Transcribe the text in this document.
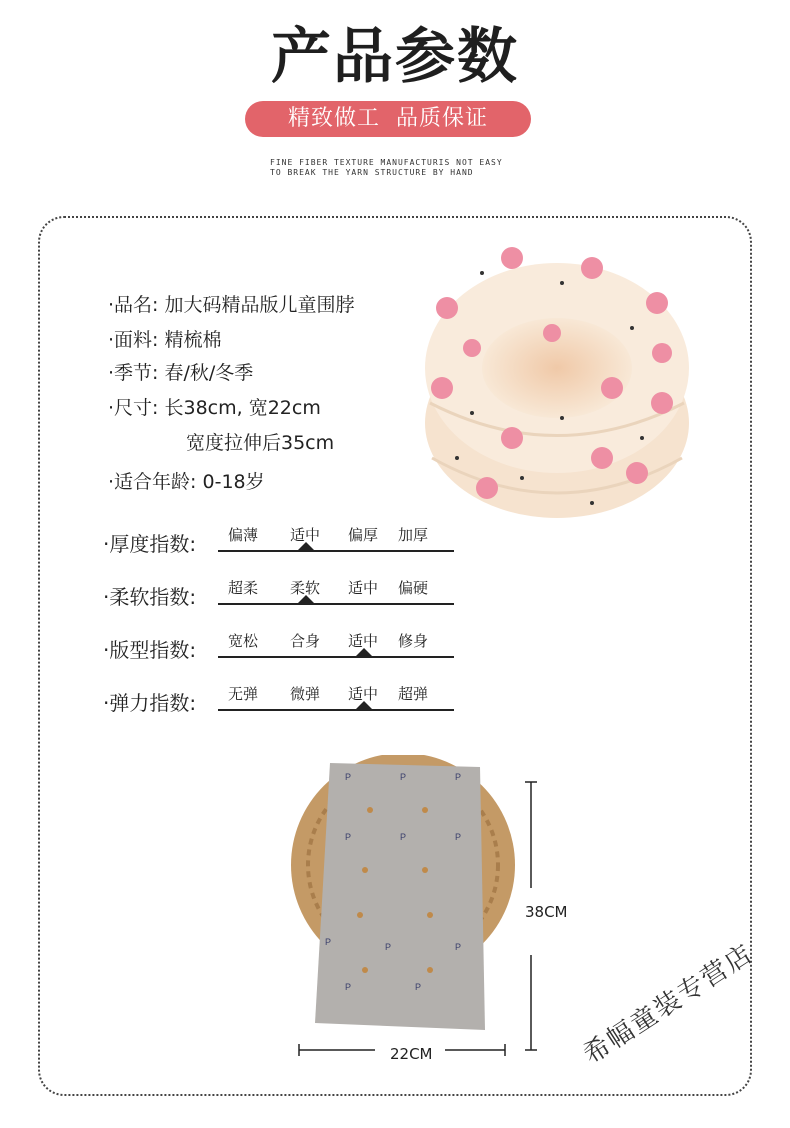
产品参数
精致做工  品质保证
FINE FIBER TEXTURE MANUFACTURIS NOT EASY
TO BREAK THE YARN STRUCTURE BY HAND
· 品名: 加大码精品版儿童围脖
· 面料: 精梳棉
· 季节: 春/秋/冬季
· 尺寸: 长38cm, 宽22cm
宽度拉伸后35cm
· 适合年龄: 0-18岁
· 厚度指数: 偏薄 适中 偏厚 加厚
· 柔软指数: 超柔 柔软 适中 偏硬
· 版型指数: 宽松 合身 适中 修身
· 弹力指数: 无弹 微弹 适中 超弹
P	P	P
P	P	P
P	P	P
P	P
38CM
22CM	希幅童装专营店
